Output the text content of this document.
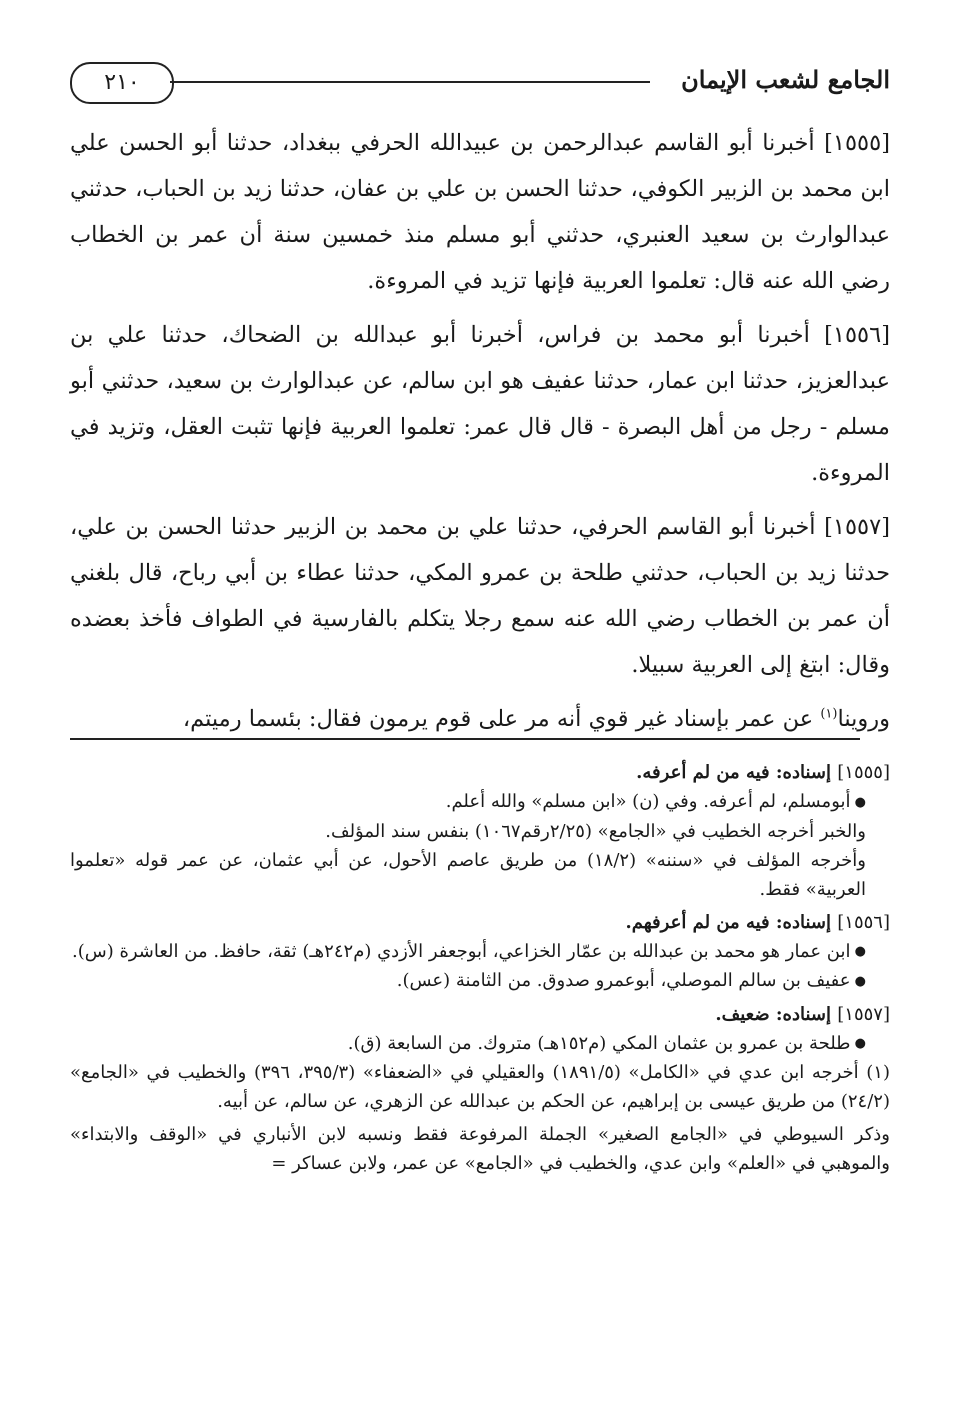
٢١٠	الجامع لشعب الإيمان

[١٥٥٥] أخبرنا أبو القاسم عبدالرحمن بن عبيدالله الحرفي ببغداد، حدثنا أبو الحسن علي ابن محمد بن الزبير الكوفي، حدثنا الحسن بن علي بن عفان، حدثنا زيد بن الحباب، حدثني عبدالوارث بن سعيد العنبري، حدثني أبو مسلم منذ خمسين سنة أن عمر بن الخطاب رضي الله عنه قال: تعلموا العربية فإنها تزيد في المروءة.

[١٥٥٦] أخبرنا أبو محمد بن فراس، أخبرنا أبو عبدالله بن الضحاك، حدثنا علي بن عبدالعزيز، حدثنا ابن عمار، حدثنا عفيف هو ابن سالم، عن عبدالوارث بن سعيد، حدثني أبو مسلم - رجل من أهل البصرة - قال قال عمر: تعلموا العربية فإنها تثبت العقل، وتزيد في المروءة.

[١٥٥٧] أخبرنا أبو القاسم الحرفي، حدثنا علي بن محمد بن الزبير حدثنا الحسن بن علي، حدثنا زيد بن الحباب، حدثني طلحة بن عمرو المكي، حدثنا عطاء بن أبي رباح، قال بلغني أن عمر بن الخطاب رضي الله عنه سمع رجلا يتكلم بالفارسية في الطواف فأخذ بعضده وقال: ابتغ إلى العربية سبيلا.

وروينا$^{(١)}$ عن عمر بإسناد غير قوي أنه مر على قوم يرمون فقال: بئسما رميتم،

[١٥٥٥] إسناده: فيه من لم أعرفه.

● أبومسلم، لم أعرفه. وفي (ن) «ابن مسلم» والله أعلم.

والخبر أخرجه الخطيب في «الجامع» (٢/٢٥رقم١٠٦٧) بنفس سند المؤلف.

وأخرجه المؤلف في «سننه» (١٨/٢) من طريق عاصم الأحول، عن أبي عثمان، عن عمر قوله «تعلموا العربية» فقط.

[١٥٥٦] إسناده: فيه من لم أعرفهم.

● ابن عمار هو محمد بن عبدالله بن عمّار الخزاعي، أبوجعفر الأزدي (م٢٤٢هـ) ثقة، حافظ. من العاشرة (س).

● عفيف بن سالم الموصلي، أبوعمرو صدوق. من الثامنة (عس).

[١٥٥٧] إسناده: ضعيف.

● طلحة بن عمرو بن عثمان المكي (م١٥٢هـ) متروك. من السابعة (ق).

(١) أخرجه ابن عدي في «الكامل» (١٨٩١/٥) والعقيلي في «الضعفاء» (٣٩٥/٣، ٣٩٦) والخطيب في «الجامع» (٢٤/٢) من طريق عيسى بن إبراهيم، عن الحكم بن عبدالله عن الزهري، عن سالم، عن أبيه.

وذكر السيوطي في «الجامع الصغير» الجملة المرفوعة فقط ونسبه لابن الأنباري في «الوقف والابتداء» والموهبي في «العلم» وابن عدي، والخطيب في «الجامع» عن عمر، ولابن عساكر =
